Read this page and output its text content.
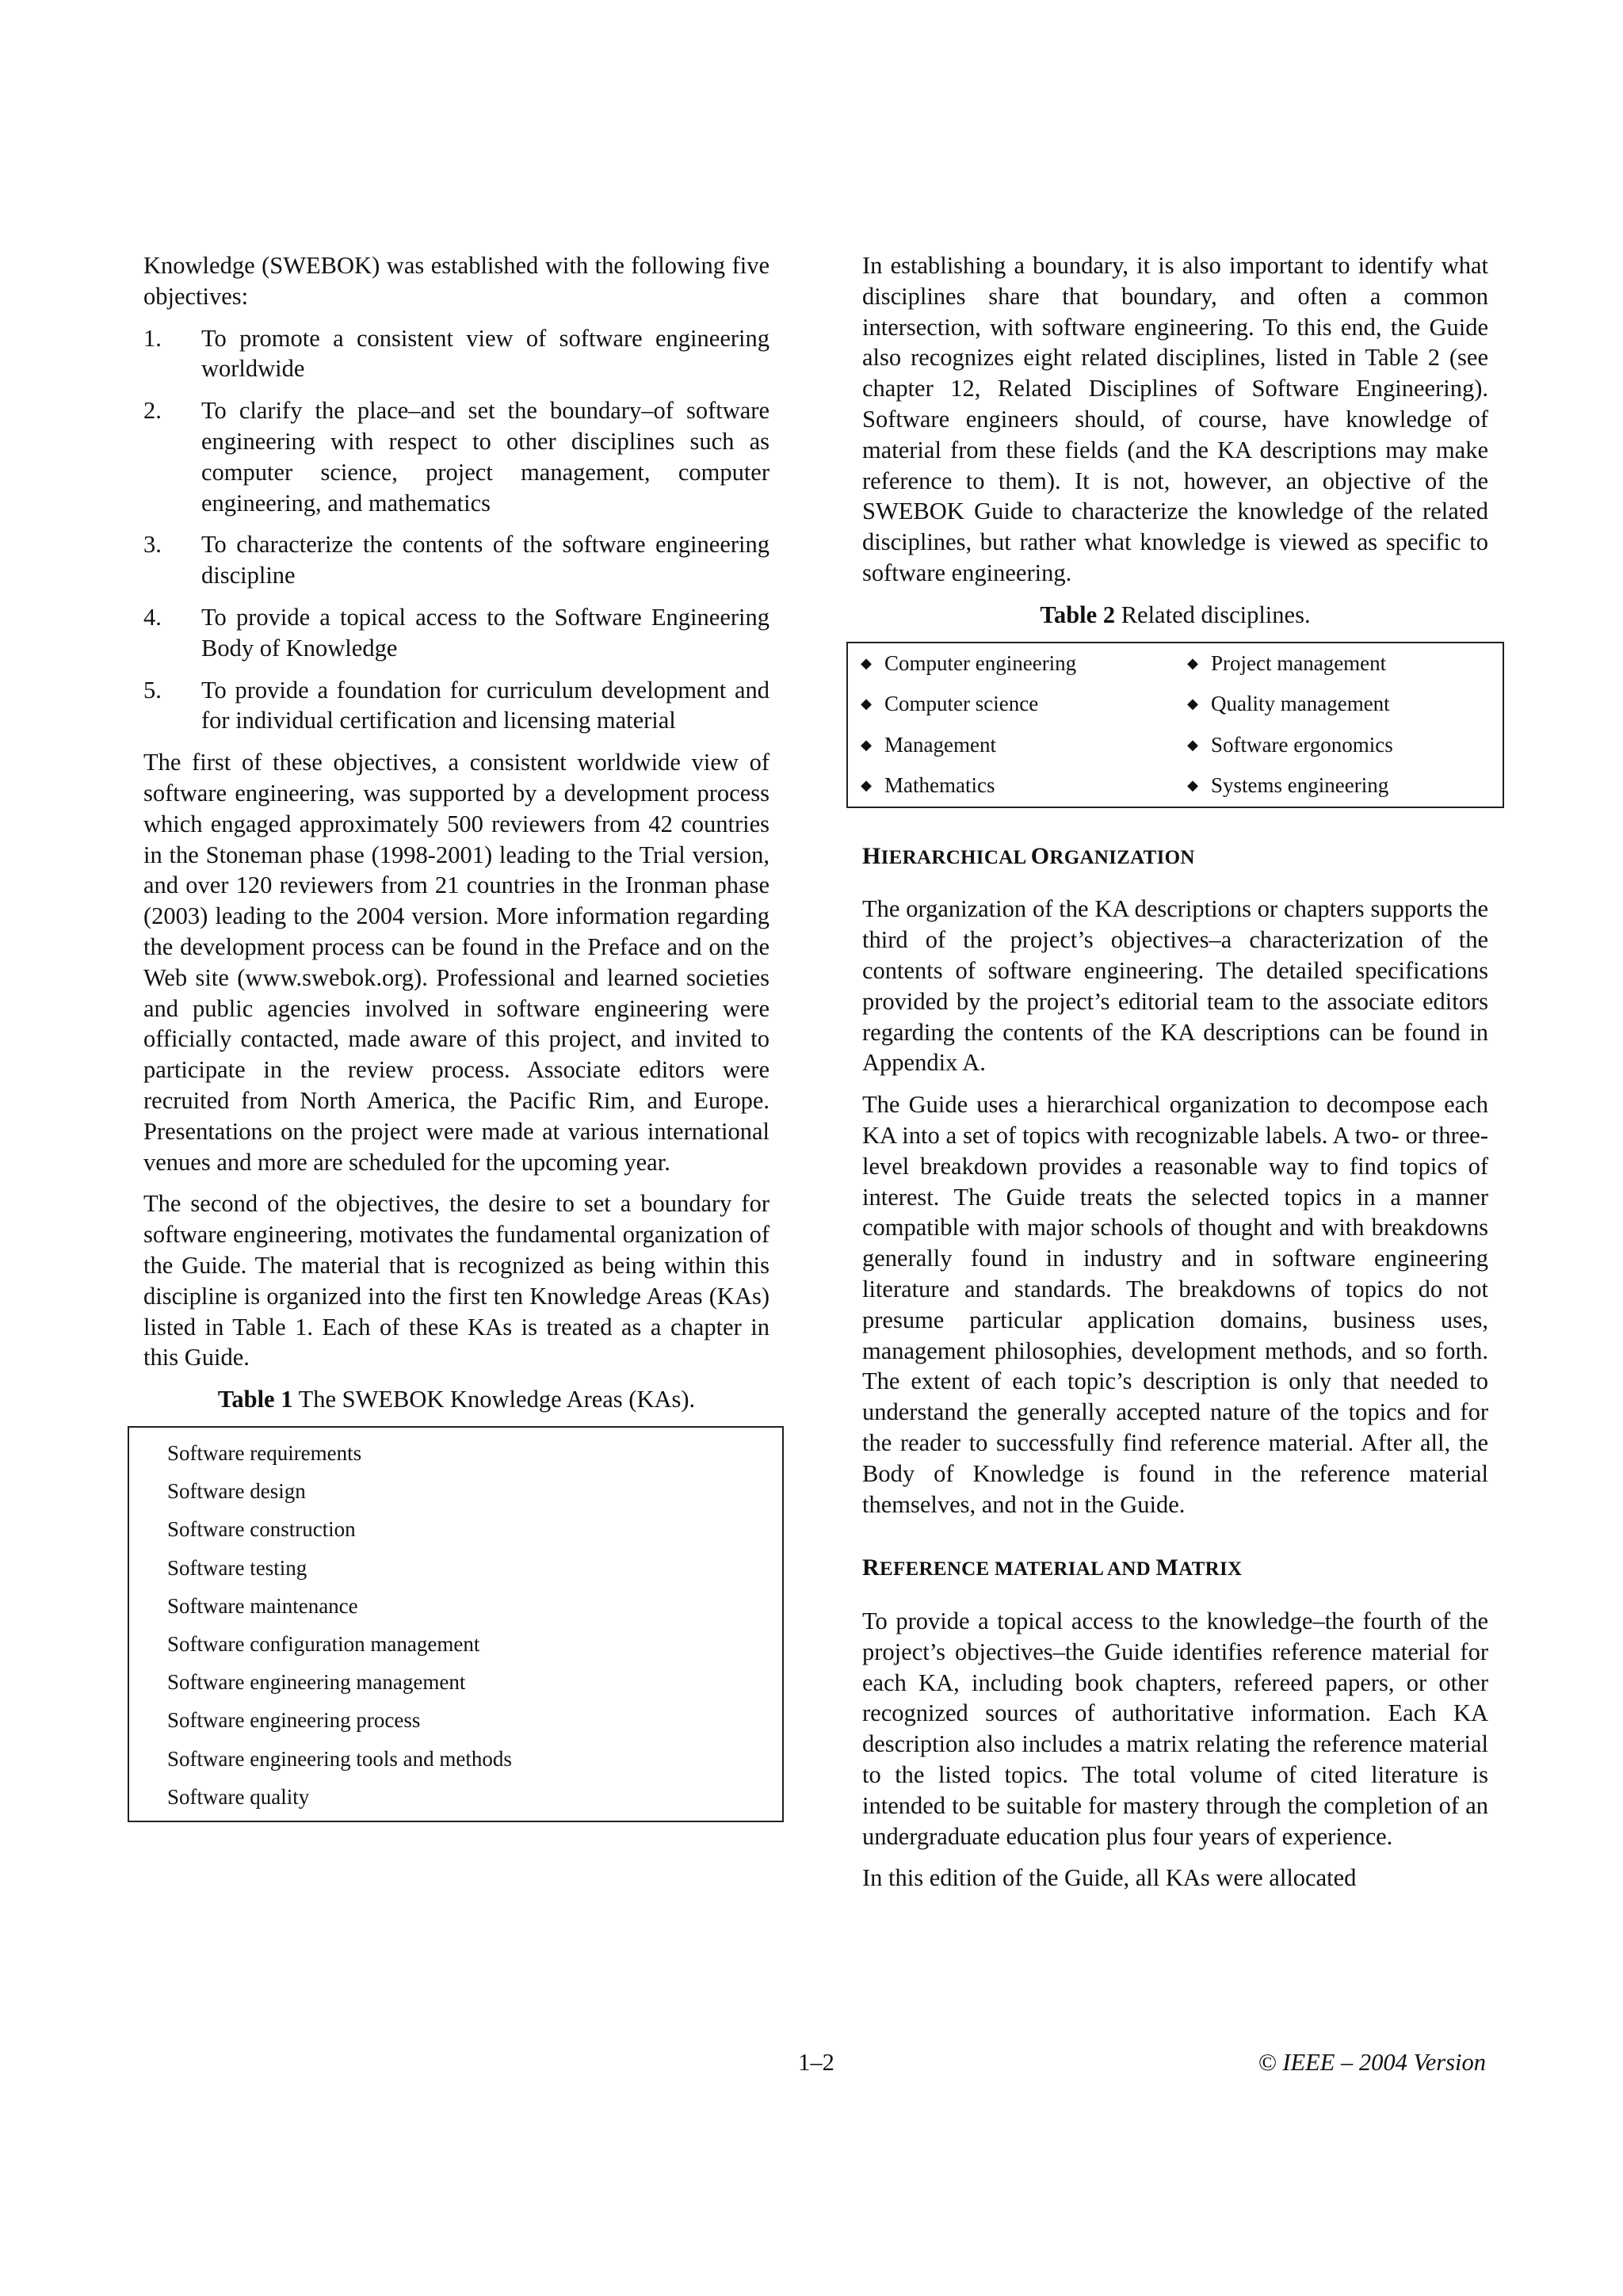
Knowledge (SWEBOK) was established with the following five objectives:

1. To promote a consistent view of software engineering worldwide
2. To clarify the place–and set the boundary–of software engineering with respect to other disciplines such as computer science, project management, computer engineering, and mathematics
3. To characterize the contents of the software engineering discipline
4. To provide a topical access to the Software Engineering Body of Knowledge
5. To provide a foundation for curriculum development and for individual certification and licensing material

The first of these objectives, a consistent worldwide view of software engineering, was supported by a development process which engaged approximately 500 reviewers from 42 countries in the Stoneman phase (1998-2001) leading to the Trial version, and over 120 reviewers from 21 countries in the Ironman phase (2003) leading to the 2004 version. More information regarding the development process can be found in the Preface and on the Web site (www.swebok.org). Professional and learned societies and public agencies involved in software engineering were officially contacted, made aware of this project, and invited to participate in the review process. Associate editors were recruited from North America, the Pacific Rim, and Europe. Presentations on the project were made at various international venues and more are scheduled for the upcoming year.

The second of the objectives, the desire to set a boundary for software engineering, motivates the fundamental organization of the Guide. The material that is recognized as being within this discipline is organized into the first ten Knowledge Areas (KAs) listed in Table 1. Each of these KAs is treated as a chapter in this Guide.

Table 1 The SWEBOK Knowledge Areas (KAs).
Software requirements
Software design
Software construction
Software testing
Software maintenance
Software configuration management
Software engineering management
Software engineering process
Software engineering tools and methods
Software quality

In establishing a boundary, it is also important to identify what disciplines share that boundary, and often a common intersection, with software engineering. To this end, the Guide also recognizes eight related disciplines, listed in Table 2 (see chapter 12, Related Disciplines of Software Engineering). Software engineers should, of course, have knowledge of material from these fields (and the KA descriptions may make reference to them). It is not, however, an objective of the SWEBOK Guide to characterize the knowledge of the related disciplines, but rather what knowledge is viewed as specific to software engineering.

Table 2 Related disciplines.
◆	Computer engineering	◆	Project management
◆	Computer science	◆	Quality management
◆	Management	◆	Software ergonomics
◆	Mathematics	◆	Systems engineering
HIERARCHICAL ORGANIZATION

The organization of the KA descriptions or chapters supports the third of the project’s objectives–a characterization of the contents of software engineering. The detailed specifications provided by the project’s editorial team to the associate editors regarding the contents of the KA descriptions can be found in Appendix A.

The Guide uses a hierarchical organization to decompose each KA into a set of topics with recognizable labels. A two- or three-level breakdown provides a reasonable way to find topics of interest. The Guide treats the selected topics in a manner compatible with major schools of thought and with breakdowns generally found in industry and in software engineering literature and standards. The breakdowns of topics do not presume particular application domains, business uses, management philosophies, development methods, and so forth. The extent of each topic’s description is only that needed to understand the generally accepted nature of the topics and for the reader to successfully find reference material. After all, the Body of Knowledge is found in the reference material themselves, and not in the Guide.

REFERENCE MATERIAL AND MATRIX

To provide a topical access to the knowledge–the fourth of the project’s objectives–the Guide identifies reference material for each KA, including book chapters, refereed papers, or other recognized sources of authoritative information. Each KA description also includes a matrix relating the reference material to the listed topics. The total volume of cited literature is intended to be suitable for mastery through the completion of an undergraduate education plus four years of experience.

In this edition of the Guide, all KAs were allocated

1–2	© IEEE – 2004 Version
